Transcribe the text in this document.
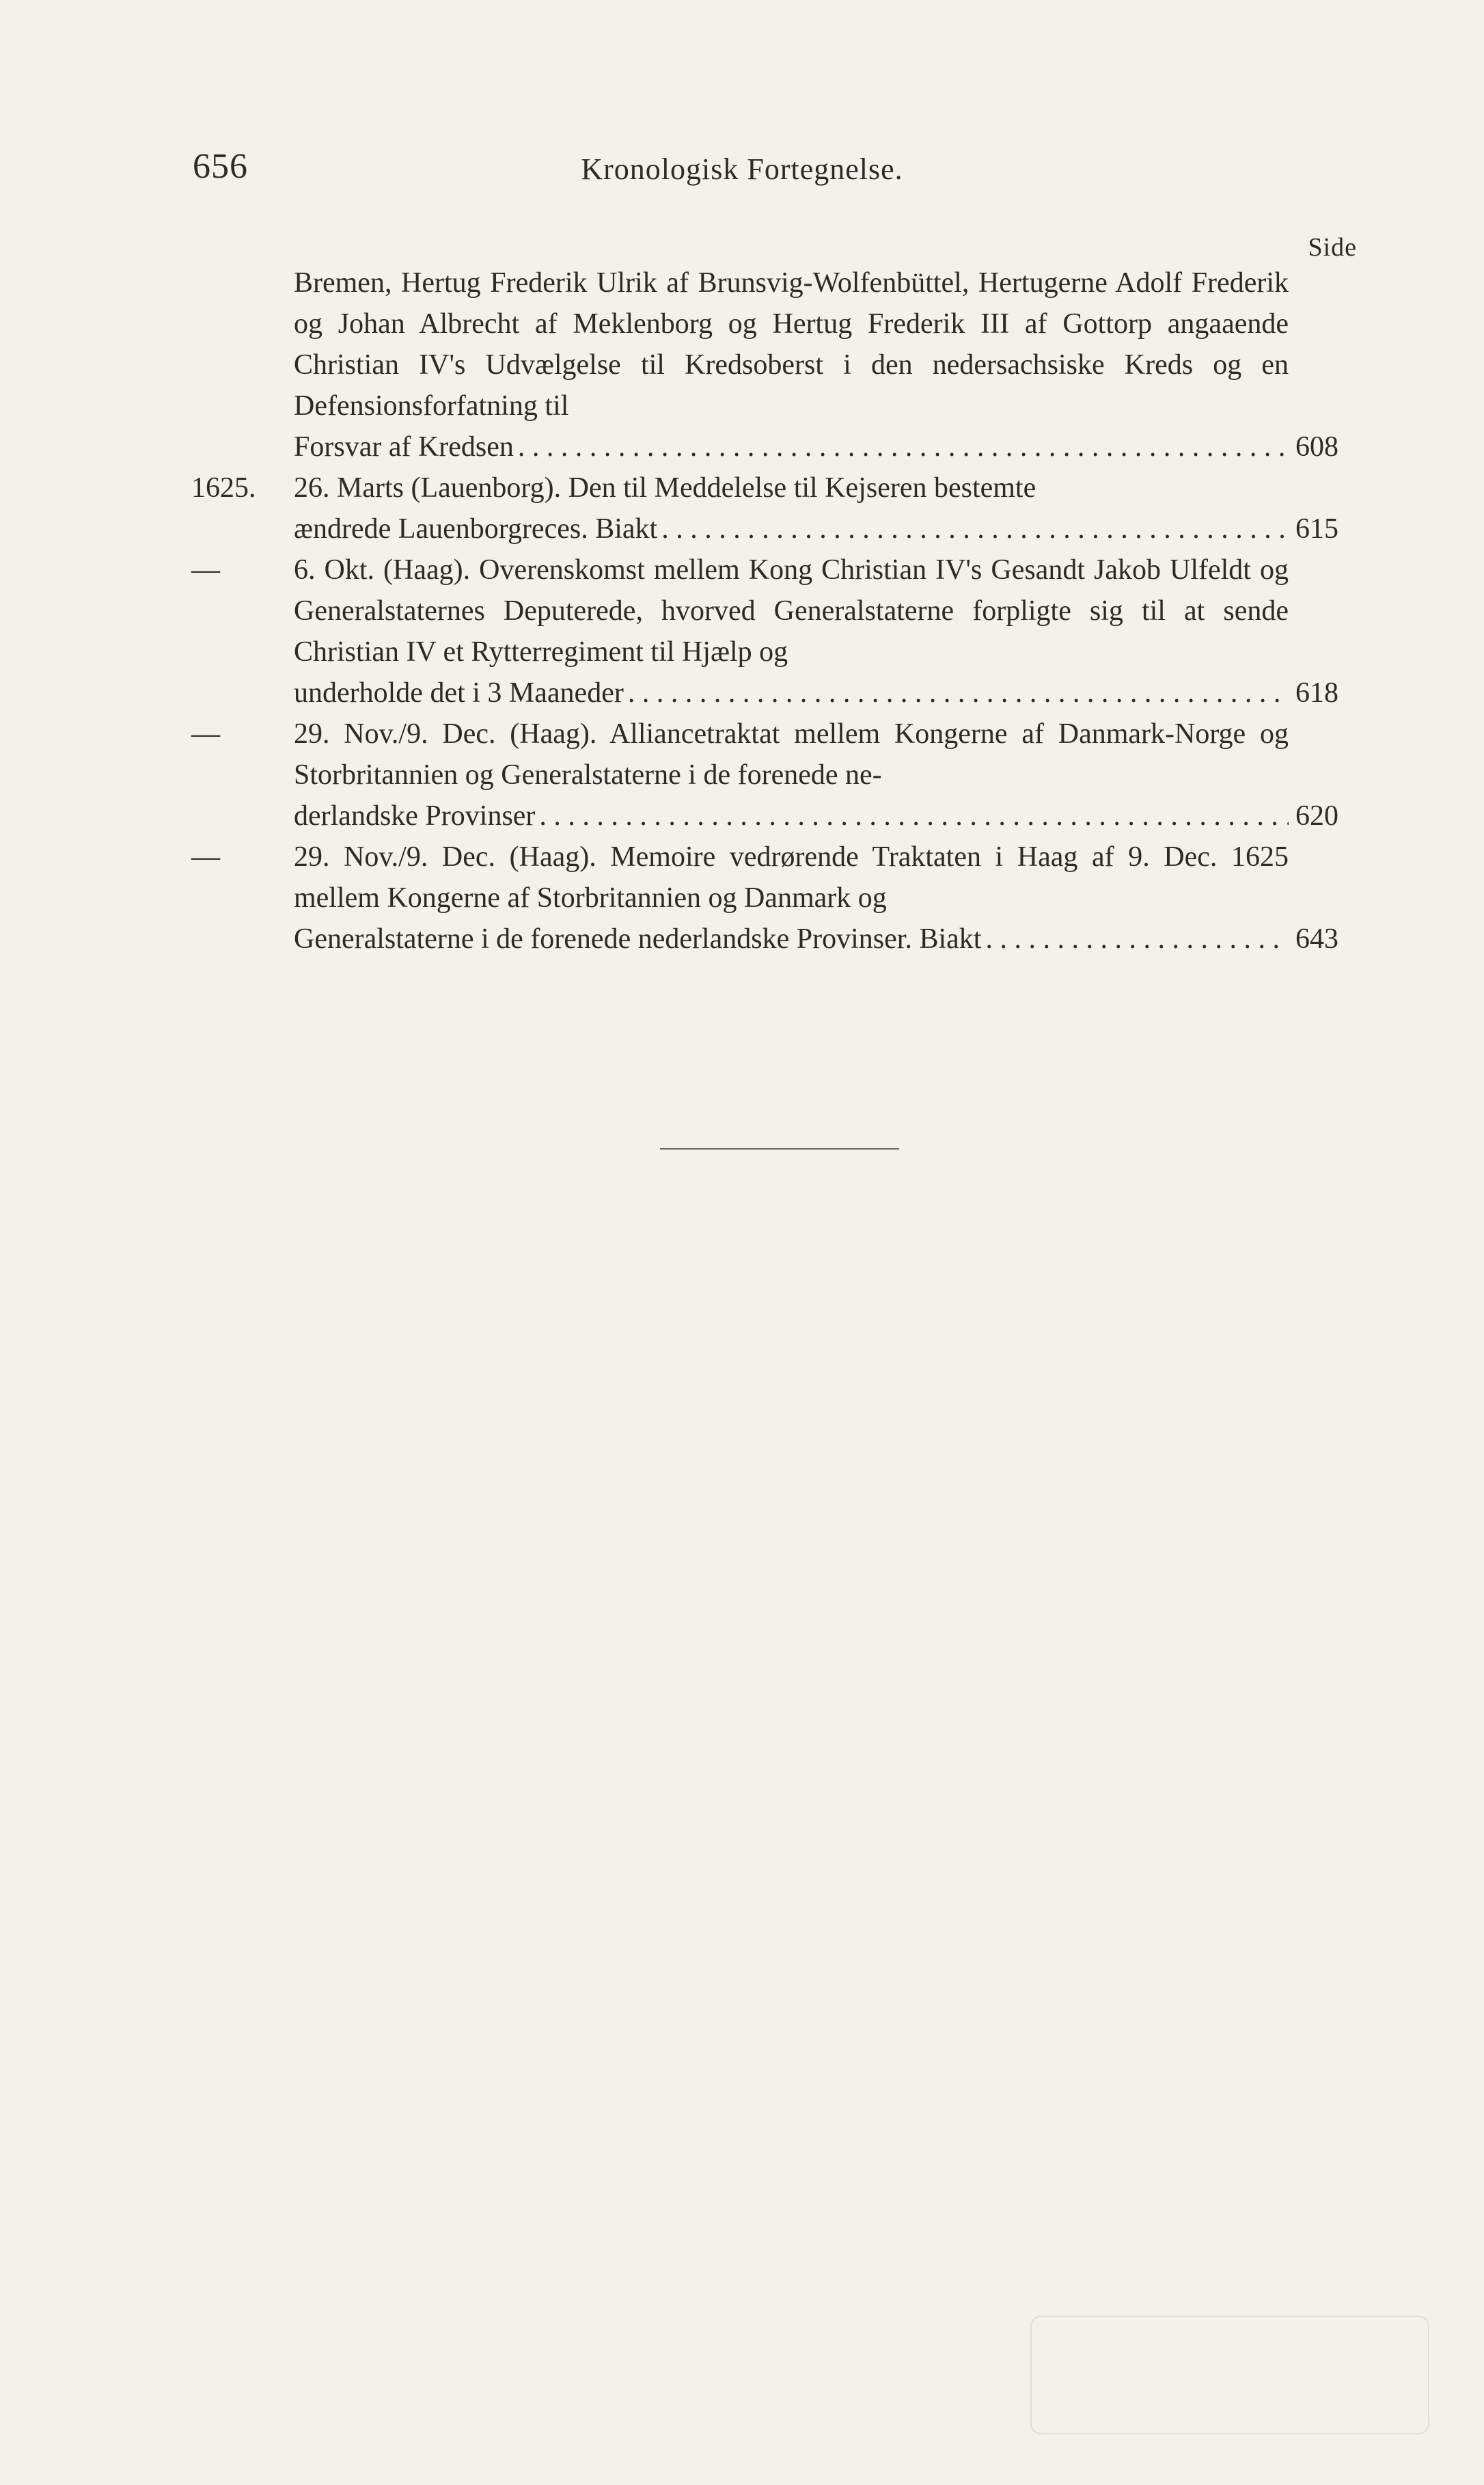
656	Kronologisk Fortegnelse.
Side
Bremen, Hertug Frederik Ulrik af Brunsvig-Wolfenbüttel, Hertugerne Adolf Frederik og Johan Albrecht af Meklenborg og Hertug Frederik III af Gottorp angaaende Christian IV's Udvælgelse til Kredsoberst i den nedersachsiske Kreds og en Defensionsforfatning til
Forsvar af Kredsen . . .	608
1625.	26. Marts (Lauenborg). Den til Meddelelse til Kejseren bestemte
ændrede Lauenborgreces. Biakt . . .	615
—	6. Okt. (Haag). Overenskomst mellem Kong Christian IV's Gesandt Jakob Ulfeldt og Generalstaternes Deputerede, hvorved Generalstaterne forpligte sig til at sende Christian IV et Rytterregiment til Hjælp og
underholde det i 3 Maaneder . . .	618
—	29. Nov./9. Dec. (Haag). Alliancetraktat mellem Kongerne af Danmark-Norge og Storbritannien og Generalstaterne i de forenede ne-
derlandske Provinser . . .	620
—	29. Nov./9. Dec. (Haag). Memoire vedrørende Traktaten i Haag af 9. Dec. 1625 mellem Kongerne af Storbritannien og Danmark og
Generalstaterne i de forenede nederlandske Provinser. Biakt . . .	643
